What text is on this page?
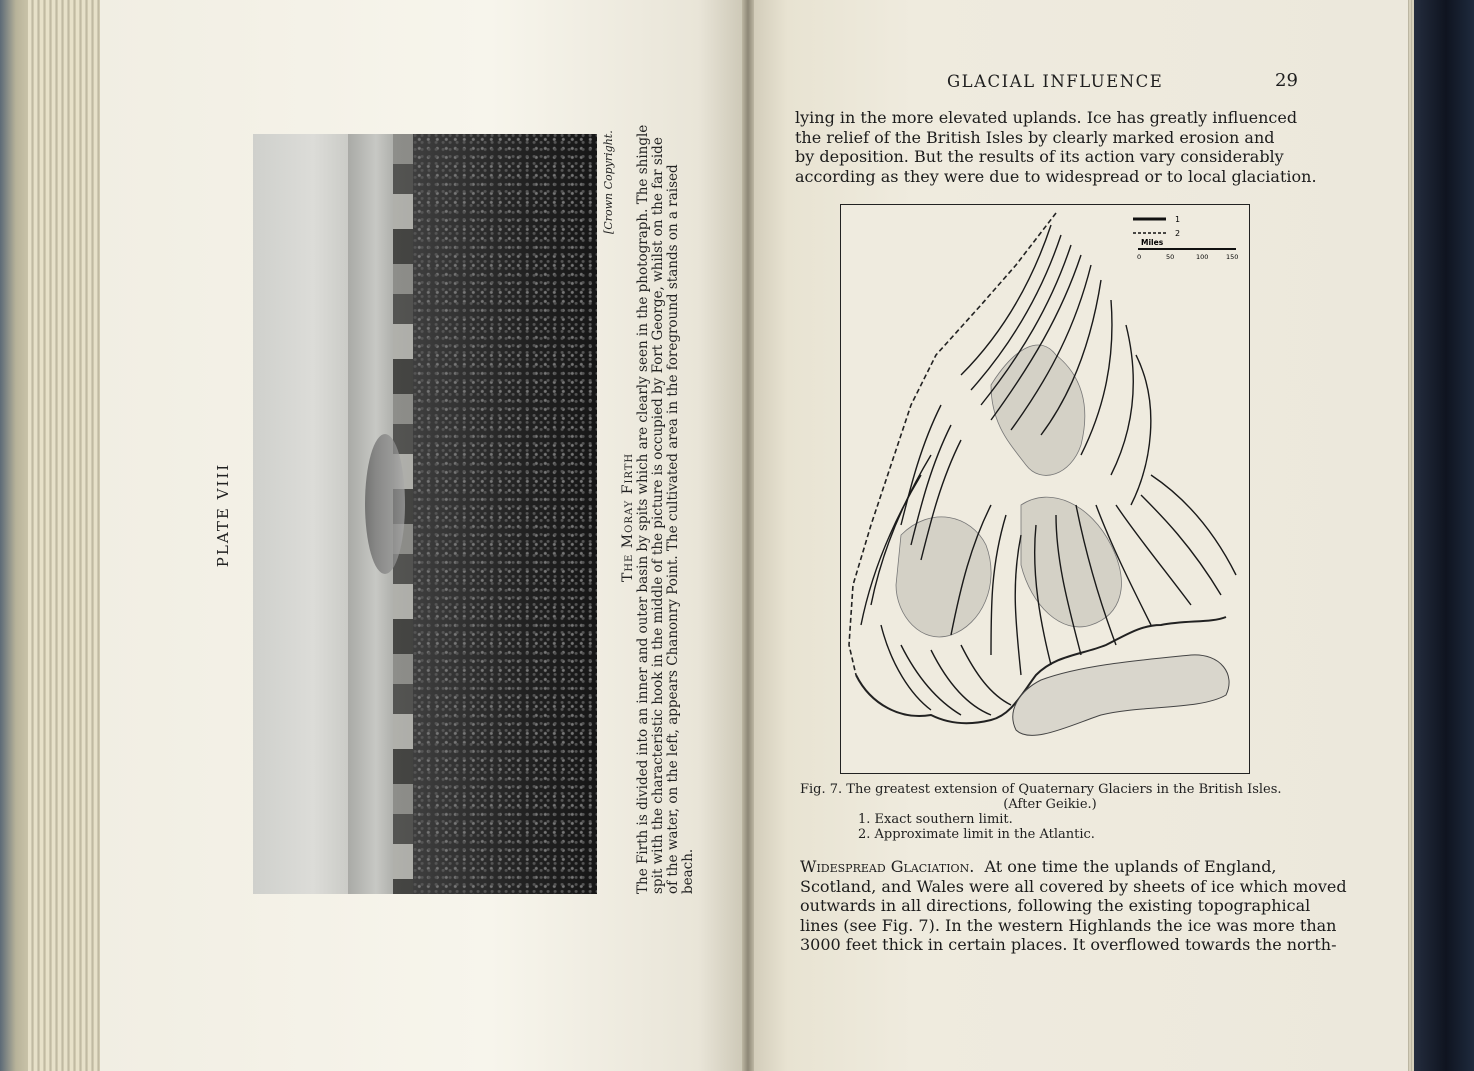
PLATE VIII
[Crown Copyright.
The Moray Firth The Firth is divided into an inner and outer basin by spits which are clearly seen in the photograph. The shingle spit with the characteristic hook in the middle of the picture is occupied by Fort George, whilst on the far side of the water, on the left, appears Chanonry Point. The cultivated area in the foreground stands on a raised beach.
GLACIAL INFLUENCE	29
lying in the more elevated uplands. Ice has greatly influenced
the relief of the British Isles by clearly marked erosion and
by deposition. But the results of its action vary considerably
according as they were due to widespread or to local glaciation.
1
2
Miles
0	50	100	150
Fig. 7. The greatest extension of Quaternary Glaciers in the British Isles.
(After Geikie.)
1. Exact southern limit.
2. Approximate limit in the Atlantic.
Widespread Glaciation. At one time the uplands of England,
Scotland, and Wales were all covered by sheets of ice which moved
outwards in all directions, following the existing topographical
lines (see Fig. 7). In the western Highlands the ice was more than
3000 feet thick in certain places. It overflowed towards the north-
